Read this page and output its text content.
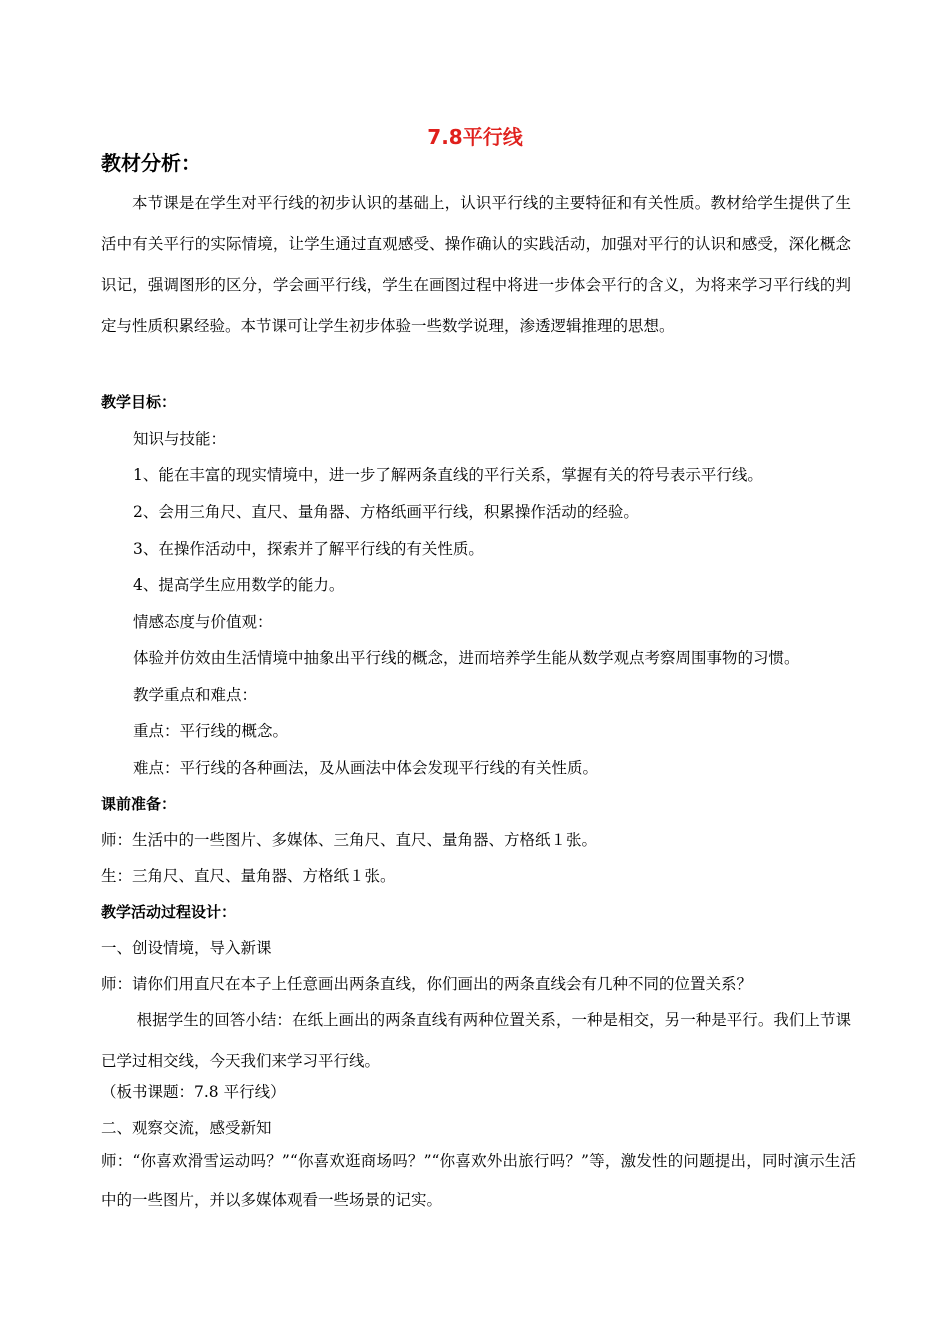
7.8平行线
教材分析：

本节课是在学生对平行线的初步认识的基础上，认识平行线的主要特征和有关性质。教材给学生提供了生活中有关平行的实际情境，让学生通过直观感受、操作确认的实践活动，加强对平行的认识和感受，深化概念识记，强调图形的区分，学会画平行线，学生在画图过程中将进一步体会平行的含义，为将来学习平行线的判定与性质积累经验。本节课可让学生初步体验一些数学说理，渗透逻辑推理的思想。

教学目标：
知识与技能：
1、能在丰富的现实情境中，进一步了解两条直线的平行关系，掌握有关的符号表示平行线。
2、会用三角尺、直尺、量角器、方格纸画平行线，积累操作活动的经验。
3、在操作活动中，探索并了解平行线的有关性质。
4、提高学生应用数学的能力。
情感态度与价值观：
体验并仿效由生活情境中抽象出平行线的概念，进而培养学生能从数学观点考察周围事物的习惯。
教学重点和难点：
重点：平行线的概念。
难点：平行线的各种画法，及从画法中体会发现平行线的有关性质。
课前准备：
师：生活中的一些图片、多媒体、三角尺、直尺、量角器、方格纸１张。
生：三角尺、直尺、量角器、方格纸１张。
教学活动过程设计：
一、创设情境，导入新课
师：请你们用直尺在本子上任意画出两条直线，你们画出的两条直线会有几种不同的位置关系？

根据学生的回答小结：在纸上画出的两条直线有两种位置关系，一种是相交，另一种是平行。我们上节课已学过相交线，今天我们来学习平行线。

（板书课题：7.8 平行线）
二、观察交流，感受新知

师：“你喜欢滑雪运动吗？”“你喜欢逛商场吗？”“你喜欢外出旅行吗？”等，激发性的问题提出，同时演示生活中的一些图片，并以多媒体观看一些场景的记实。
